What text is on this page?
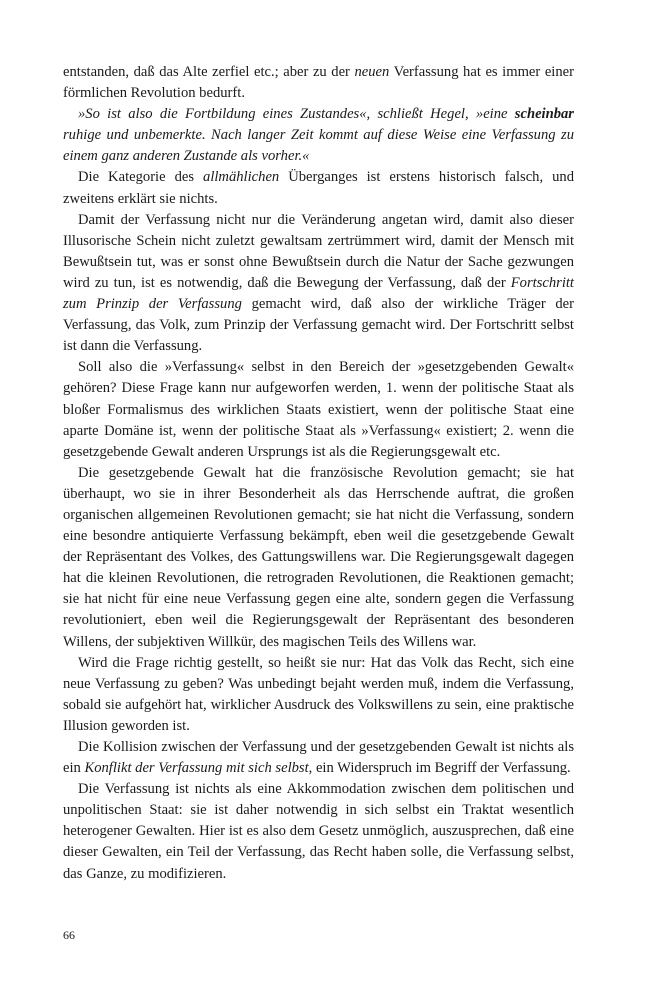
entstanden, daß das Alte zerfiel etc.; aber zu der neuen Verfassung hat es immer einer förmlichen Revolution bedurft.

»So ist also die Fortbildung eines Zustandes«, schließt Hegel, »eine scheinbar ruhige und unbemerkte. Nach langer Zeit kommt auf diese Weise eine Verfassung zu einem ganz anderen Zustande als vorher.«

Die Kategorie des allmählichen Überganges ist erstens historisch falsch, und zweitens erklärt sie nichts.

Damit der Verfassung nicht nur die Veränderung angetan wird, damit also dieser Illusorische Schein nicht zuletzt gewaltsam zertrümmert wird, damit der Mensch mit Bewußtsein tut, was er sonst ohne Bewußtsein durch die Natur der Sache gezwungen wird zu tun, ist es notwendig, daß die Bewegung der Verfassung, daß der Fortschritt zum Prinzip der Verfassung gemacht wird, daß also der wirkliche Träger der Verfassung, das Volk, zum Prinzip der Verfassung gemacht wird. Der Fortschritt selbst ist dann die Verfassung.

Soll also die »Verfassung« selbst in den Bereich der »gesetzgebenden Gewalt« gehören? Diese Frage kann nur aufgeworfen werden, 1. wenn der politische Staat als bloßer Formalismus des wirklichen Staats existiert, wenn der politische Staat eine aparte Domäne ist, wenn der politische Staat als »Verfassung« existiert; 2. wenn die gesetzgebende Gewalt anderen Ursprungs ist als die Regierungsgewalt etc.

Die gesetzgebende Gewalt hat die französische Revolution gemacht; sie hat überhaupt, wo sie in ihrer Besonderheit als das Herrschende auftrat, die großen organischen allgemeinen Revolutionen gemacht; sie hat nicht die Verfassung, sondern eine besondre antiquierte Verfassung bekämpft, eben weil die gesetzgebende Gewalt der Repräsentant des Volkes, des Gattungswillens war. Die Regierungsgewalt dagegen hat die kleinen Revolutionen, die retrograden Revolutionen, die Reaktionen gemacht; sie hat nicht für eine neue Verfassung gegen eine alte, sondern gegen die Verfassung revolutioniert, eben weil die Regierungsgewalt der Repräsentant des besonderen Willens, der subjektiven Willkür, des magischen Teils des Willens war.

Wird die Frage richtig gestellt, so heißt sie nur: Hat das Volk das Recht, sich eine neue Verfassung zu geben? Was unbedingt bejaht werden muß, indem die Verfassung, sobald sie aufgehört hat, wirklicher Ausdruck des Volkswillens zu sein, eine praktische Illusion geworden ist.

Die Kollision zwischen der Verfassung und der gesetzgebenden Gewalt ist nichts als ein Konflikt der Verfassung mit sich selbst, ein Widerspruch im Begriff der Verfassung.

Die Verfassung ist nichts als eine Akkommodation zwischen dem politischen und unpolitischen Staat: sie ist daher notwendig in sich selbst ein Traktat wesentlich heterogener Gewalten. Hier ist es also dem Gesetz unmöglich, auszusprechen, daß eine dieser Gewalten, ein Teil der Verfassung, das Recht haben solle, die Verfassung selbst, das Ganze, zu modifizieren.

66
